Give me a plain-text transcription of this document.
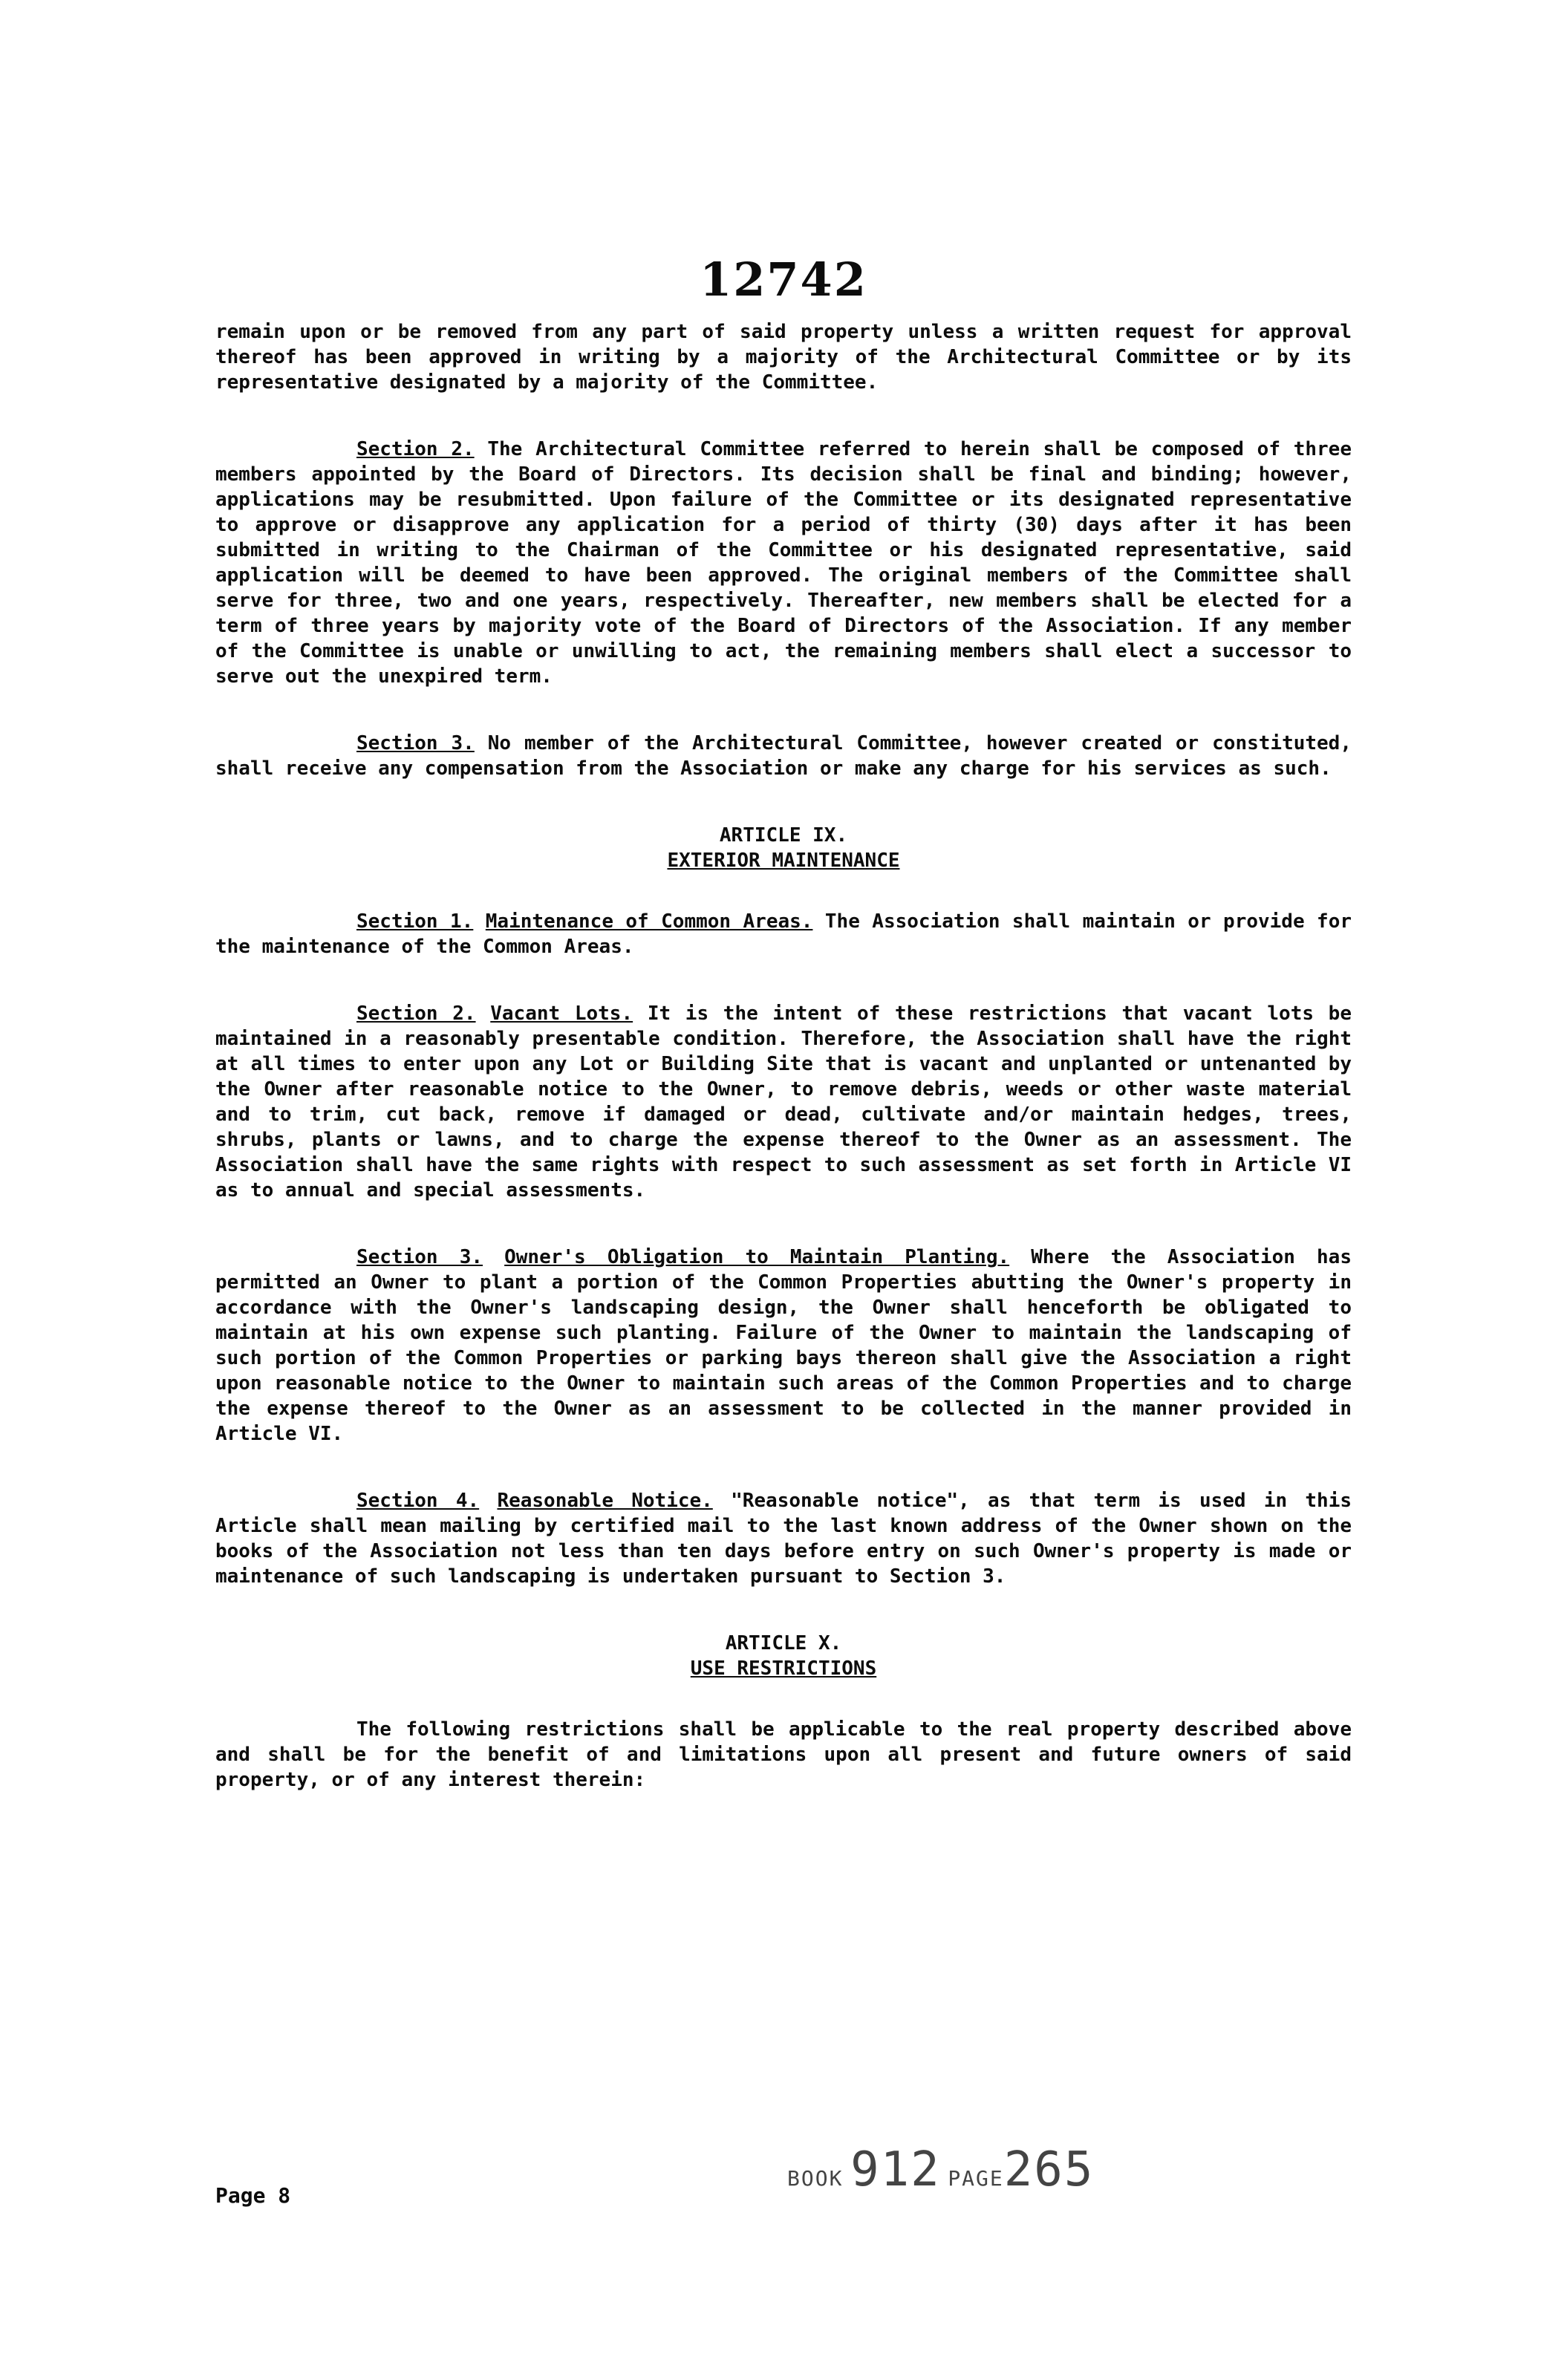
12742

remain upon or be removed from any part of said property unless a written request for approval thereof has been approved in writing by a majority of the Architectural Committee or by its representative designated by a majority of the Committee.

Section 2. The Architectural Committee referred to herein shall be composed of three members appointed by the Board of Directors. Its decision shall be final and binding; however, applications may be resubmitted. Upon failure of the Committee or its designated representative to approve or disapprove any application for a period of thirty (30) days after it has been submitted in writing to the Chairman of the Committee or his designated representative, said application will be deemed to have been approved. The original members of the Committee shall serve for three, two and one years, respectively. Thereafter, new members shall be elected for a term of three years by majority vote of the Board of Directors of the Association. If any member of the Committee is unable or unwilling to act, the remaining members shall elect a successor to serve out the unexpired term.

Section 3. No member of the Architectural Committee, however created or constituted, shall receive any compensation from the Association or make any charge for his services as such.

ARTICLE IX.
EXTERIOR MAINTENANCE

Section 1. Maintenance of Common Areas. The Association shall maintain or provide for the maintenance of the Common Areas.

Section 2. Vacant Lots. It is the intent of these restrictions that vacant lots be maintained in a reasonably presentable condition. Therefore, the Association shall have the right at all times to enter upon any Lot or Building Site that is vacant and unplanted or untenanted by the Owner after reasonable notice to the Owner, to remove debris, weeds or other waste material and to trim, cut back, remove if damaged or dead, cultivate and/or maintain hedges, trees, shrubs, plants or lawns, and to charge the expense thereof to the Owner as an assessment. The Association shall have the same rights with respect to such assessment as set forth in Article VI as to annual and special assessments.

Section 3. Owner's Obligation to Maintain Planting. Where the Association has permitted an Owner to plant a portion of the Common Properties abutting the Owner's property in accordance with the Owner's landscaping design, the Owner shall henceforth be obligated to maintain at his own expense such planting. Failure of the Owner to maintain the landscaping of such portion of the Common Properties or parking bays thereon shall give the Association a right upon reasonable notice to the Owner to maintain such areas of the Common Properties and to charge the expense thereof to the Owner as an assessment to be collected in the manner provided in Article VI.

Section 4. Reasonable Notice. "Reasonable notice", as that term is used in this Article shall mean mailing by certified mail to the last known address of the Owner shown on the books of the Association not less than ten days before entry on such Owner's property is made or maintenance of such landscaping is undertaken pursuant to Section 3.

ARTICLE X.
USE RESTRICTIONS

The following restrictions shall be applicable to the real property described above and shall be for the benefit of and limitations upon all present and future owners of said property, or of any interest therein:

Page 8
BOOK 912 PAGE265
